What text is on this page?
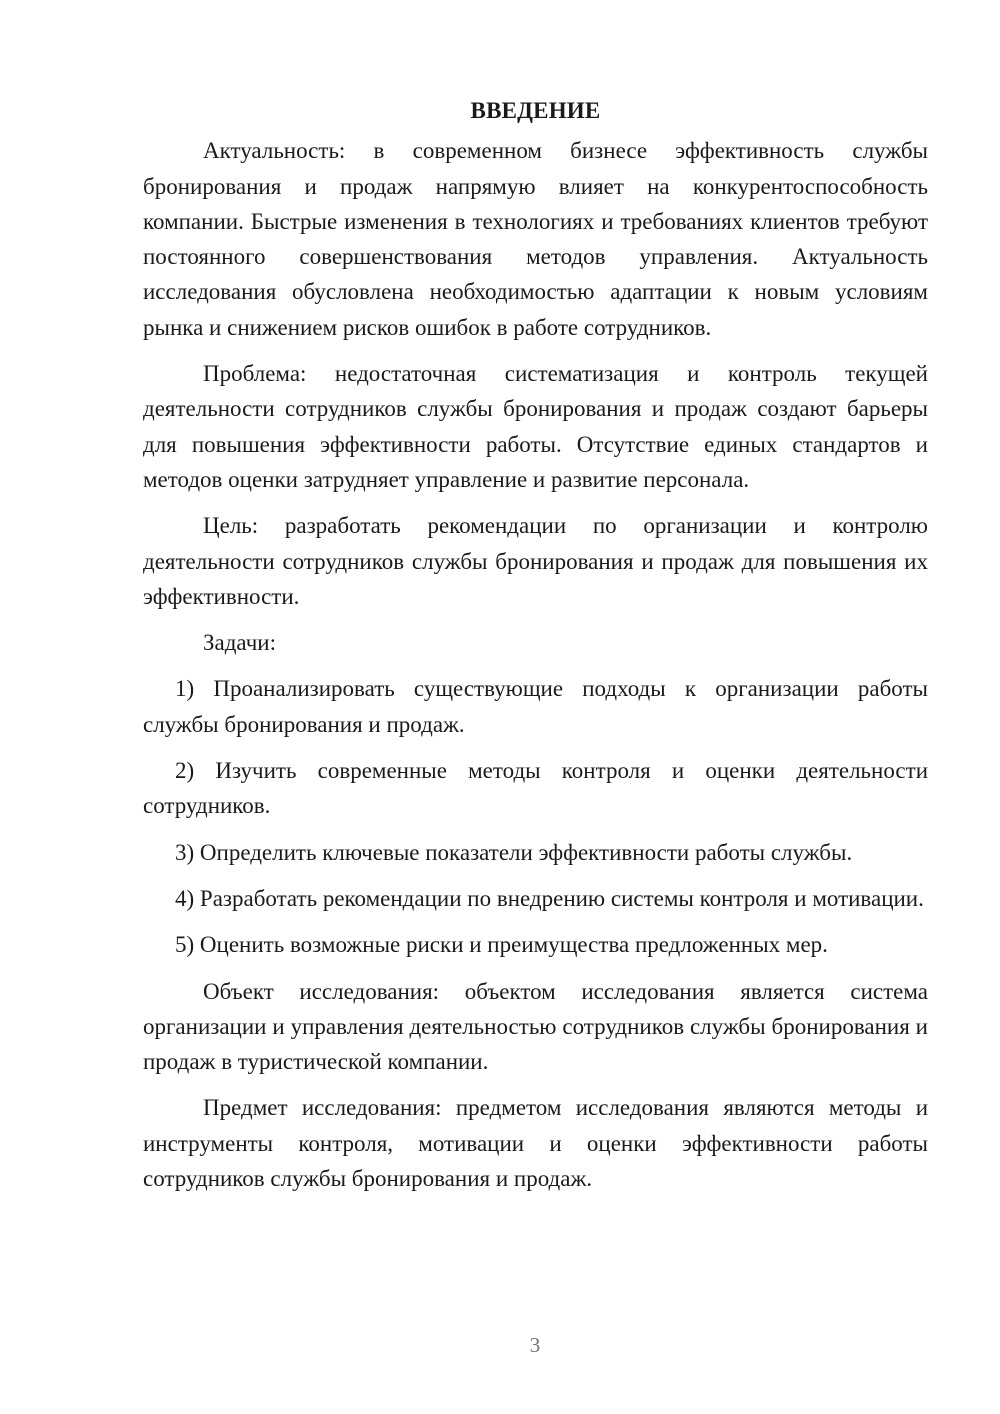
ВВЕДЕНИЕ

Актуальность: в современном бизнесе эффективность службы бронирования и продаж напрямую влияет на конкурентоспособность компании. Быстрые изменения в технологиях и требованиях клиентов требуют постоянного совершенствования методов управления. Актуальность исследования обусловлена необходимостью адаптации к новым условиям рынка и снижением рисков ошибок в работе сотрудников.

Проблема: недостаточная систематизация и контроль текущей деятельности сотрудников службы бронирования и продаж создают барьеры для повышения эффективности работы. Отсутствие единых стандартов и методов оценки затрудняет управление и развитие персонала.

Цель: разработать рекомендации по организации и контролю деятельности сотрудников службы бронирования и продаж для повышения их эффективности.

Задачи:

1) Проанализировать существующие подходы к организации работы службы бронирования и продаж.

2) Изучить современные методы контроля и оценки деятельности сотрудников.

3) Определить ключевые показатели эффективности работы службы.

4) Разработать рекомендации по внедрению системы контроля и мотивации.

5) Оценить возможные риски и преимущества предложенных мер.

Объект исследования: объектом исследования является система организации и управления деятельностью сотрудников службы бронирования и продаж в туристической компании.

Предмет исследования: предметом исследования являются методы и инструменты контроля, мотивации и оценки эффективности работы сотрудников службы бронирования и продаж.

3
